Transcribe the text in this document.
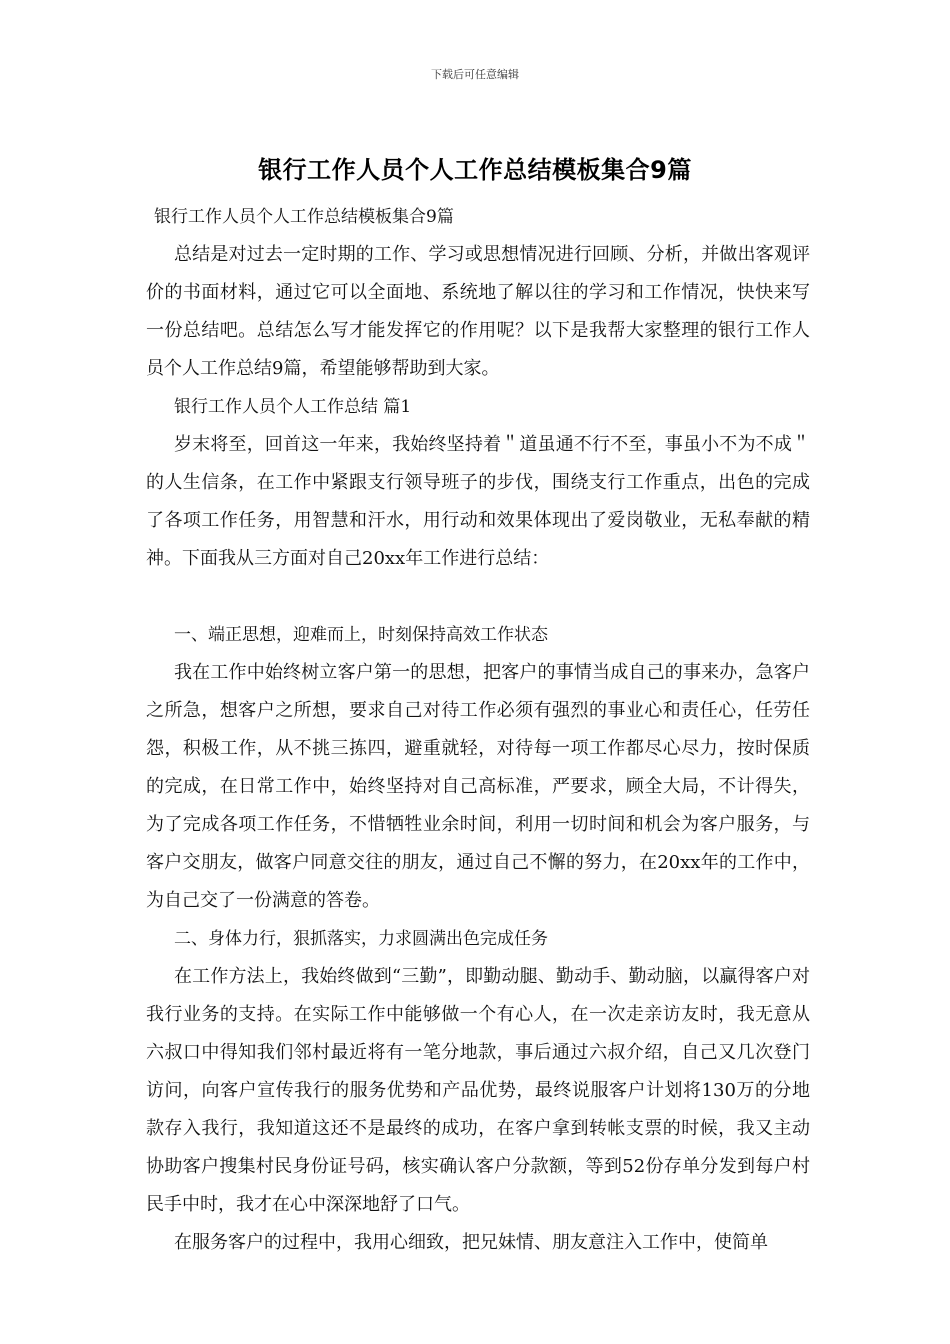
下载后可任意编辑
银行工作人员个人工作总结模板集合9篇

银行工作人员个人工作总结模板集合9篇

总结是对过去一定时期的工作、学习或思想情况进行回顾、分析，并做出客观评价的书面材料，通过它可以全面地、系统地了解以往的学习和工作情况，快快来写一份总结吧。总结怎么写才能发挥它的作用呢？以下是我帮大家整理的银行工作人员个人工作总结9篇，希望能够帮助到大家。

银行工作人员个人工作总结 篇1

岁末将至，回首这一年来，我始终坚持着＂道虽通不行不至，事虽小不为不成＂的人生信条，在工作中紧跟支行领导班子的步伐，围绕支行工作重点，出色的完成了各项工作任务，用智慧和汗水，用行动和效果体现出了爱岗敬业，无私奉献的精神。下面我从三方面对自己20xx年工作进行总结：

一、端正思想，迎难而上，时刻保持高效工作状态

我在工作中始终树立客户第一的思想，把客户的事情当成自己的事来办，急客户之所急，想客户之所想，要求自己对待工作必须有强烈的事业心和责任心，任劳任怨，积极工作，从不挑三拣四，避重就轻，对待每一项工作都尽心尽力，按时保质的完成，在日常工作中，始终坚持对自己高标准，严要求，顾全大局，不计得失，为了完成各项工作任务，不惜牺牲业余时间，利用一切时间和机会为客户服务，与客户交朋友，做客户同意交往的朋友，通过自己不懈的努力，在20xx年的工作中，为自己交了一份满意的答卷。

二、身体力行，狠抓落实，力求圆满出色完成任务

在工作方法上，我始终做到“三勤”，即勤动腿、勤动手、勤动脑，以赢得客户对我行业务的支持。在实际工作中能够做一个有心人，在一次走亲访友时，我无意从六叔口中得知我们邻村最近将有一笔分地款，事后通过六叔介绍，自己又几次登门访问，向客户宣传我行的服务优势和产品优势，最终说服客户计划将130万的分地款存入我行，我知道这还不是最终的成功，在客户拿到转帐支票的时候，我又主动协助客户搜集村民身份证号码，核实确认客户分款额，等到52份存单分发到每户村民手中时，我才在心中深深地舒了口气。

在服务客户的过程中，我用心细致，把兄妹情、朋友意注入工作中，使简单
